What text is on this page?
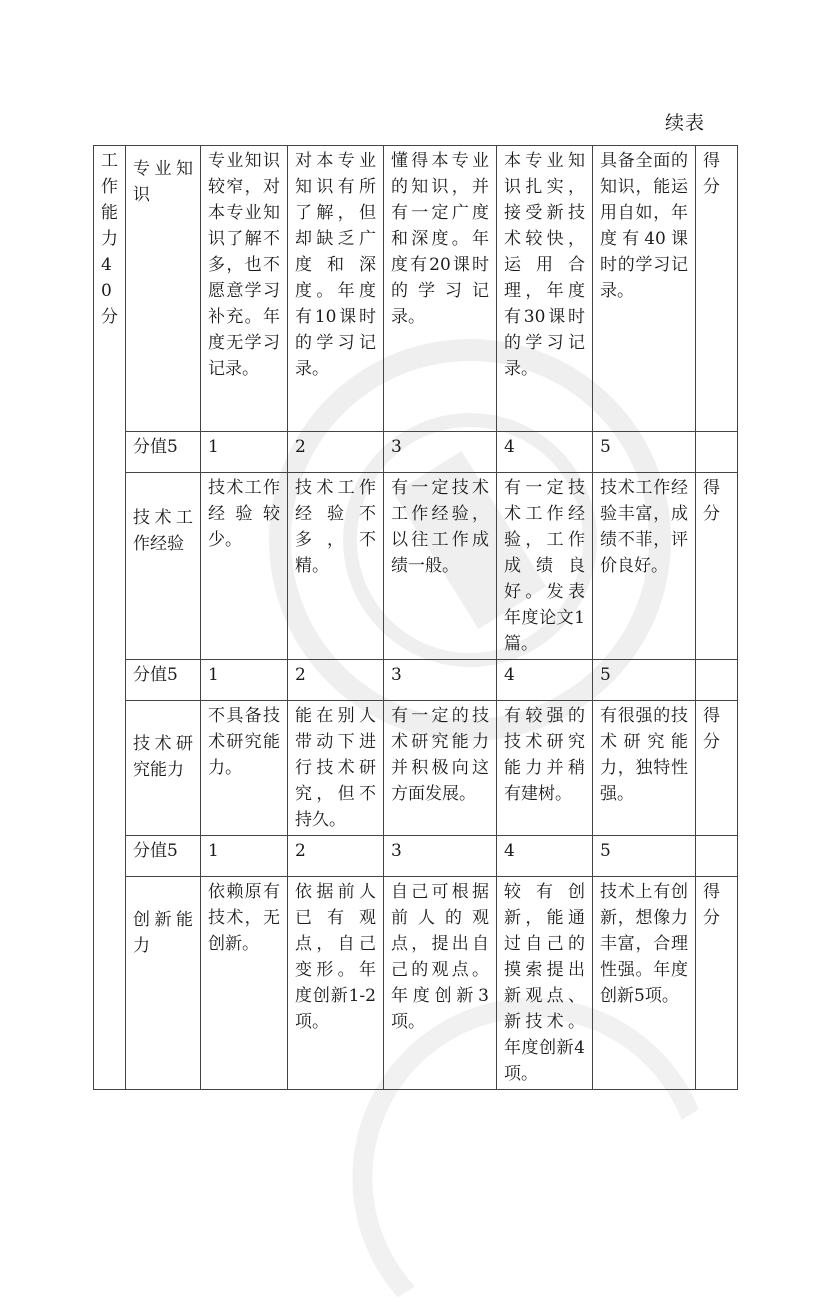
续表
工作能力40分	专业知识	专业知识较窄，对本专业知识了解不多，也不愿意学习补充。年度无学习记录。	对本专业知识有所了解，但却缺乏广度和深度。年度有10课时的学习记录。	懂得本专业的知识，并有一定广度和深度。年度有20课时的学习记录。	本专业知识扎实，接受新技术较快，运用合理，年度有30课时的学习记录。	具备全面的知识，能运用自如，年度有40课时的学习记录。	得分
	分值5	1	2	3	4	5	
	技术工作经验	技术工作经验较少。	技术工作经验不多，不精。	有一定技术工作经验，以往工作成绩一般。	有一定技术工作经验，工作成绩良好。发表年度论文1篇。	技术工作经验丰富，成绩不菲，评价良好。	得分
	分值5	1	2	3	4	5	
	技术研究能力	不具备技术研究能力。	能在别人带动下进行技术研究，但不持久。	有一定的技术研究能力并积极向这方面发展。	有较强的技术研究能力并稍有建树。	有很强的技术研究能力，独特性强。	得分
	分值5	1	2	3	4	5	
	创新能力	依赖原有技术，无创新。	依据前人已有观点，自己变形。年度创新1-2项。	自己可根据前人的观点，提出自己的观点。年度创新3项。	较有创新，能通过自己的摸索提出新观点、新技术。年度创新4项。	技术上有创新，想像力丰富，合理性强。年度创新5项。	得分
